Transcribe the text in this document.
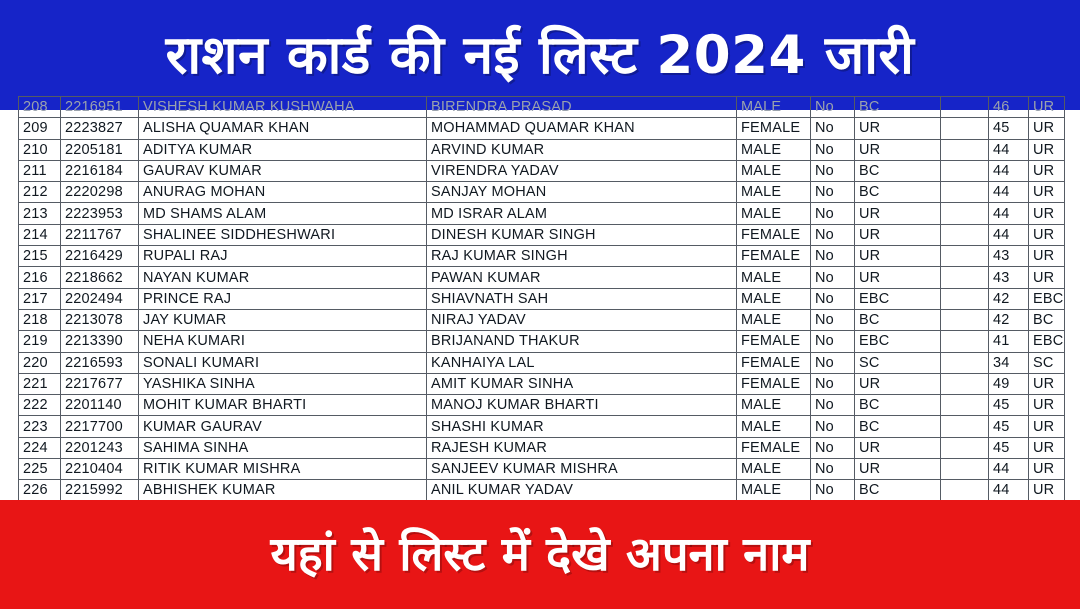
राशन कार्ड की नई लिस्ट 2024 जारी
208	2216951	VISHESH KUMAR KUSHWAHA	BIRENDRA PRASAD	MALE	No	BC		46	UR
209	2223827	ALISHA QUAMAR KHAN	MOHAMMAD QUAMAR KHAN	FEMALE	No	UR		45	UR
210	2205181	ADITYA KUMAR	ARVIND KUMAR	MALE	No	UR		44	UR
211	2216184	GAURAV KUMAR	VIRENDRA YADAV	MALE	No	BC		44	UR
212	2220298	ANURAG MOHAN	SANJAY MOHAN	MALE	No	BC		44	UR
213	2223953	MD SHAMS ALAM	MD ISRAR ALAM	MALE	No	UR		44	UR
214	2211767	SHALINEE SIDDHESHWARI	DINESH KUMAR SINGH	FEMALE	No	UR		44	UR
215	2216429	RUPALI RAJ	RAJ KUMAR SINGH	FEMALE	No	UR		43	UR
216	2218662	NAYAN KUMAR	PAWAN KUMAR	MALE	No	UR		43	UR
217	2202494	PRINCE RAJ	SHIAVNATH SAH	MALE	No	EBC		42	EBC
218	2213078	JAY KUMAR	NIRAJ YADAV	MALE	No	BC		42	BC
219	2213390	NEHA KUMARI	BRIJANAND THAKUR	FEMALE	No	EBC		41	EBC
220	2216593	SONALI KUMARI	KANHAIYA LAL	FEMALE	No	SC		34	SC
221	2217677	YASHIKA SINHA	AMIT KUMAR SINHA	FEMALE	No	UR		49	UR
222	2201140	MOHIT KUMAR BHARTI	MANOJ KUMAR BHARTI	MALE	No	BC		45	UR
223	2217700	KUMAR GAURAV	SHASHI KUMAR	MALE	No	BC		45	UR
224	2201243	SAHIMA SINHA	RAJESH KUMAR	FEMALE	No	UR		45	UR
225	2210404	RITIK KUMAR MISHRA	SANJEEV KUMAR MISHRA	MALE	No	UR		44	UR
226	2215992	ABHISHEK KUMAR	ANIL KUMAR YADAV	MALE	No	BC		44	UR

यहां से लिस्ट में देखे अपना नाम
